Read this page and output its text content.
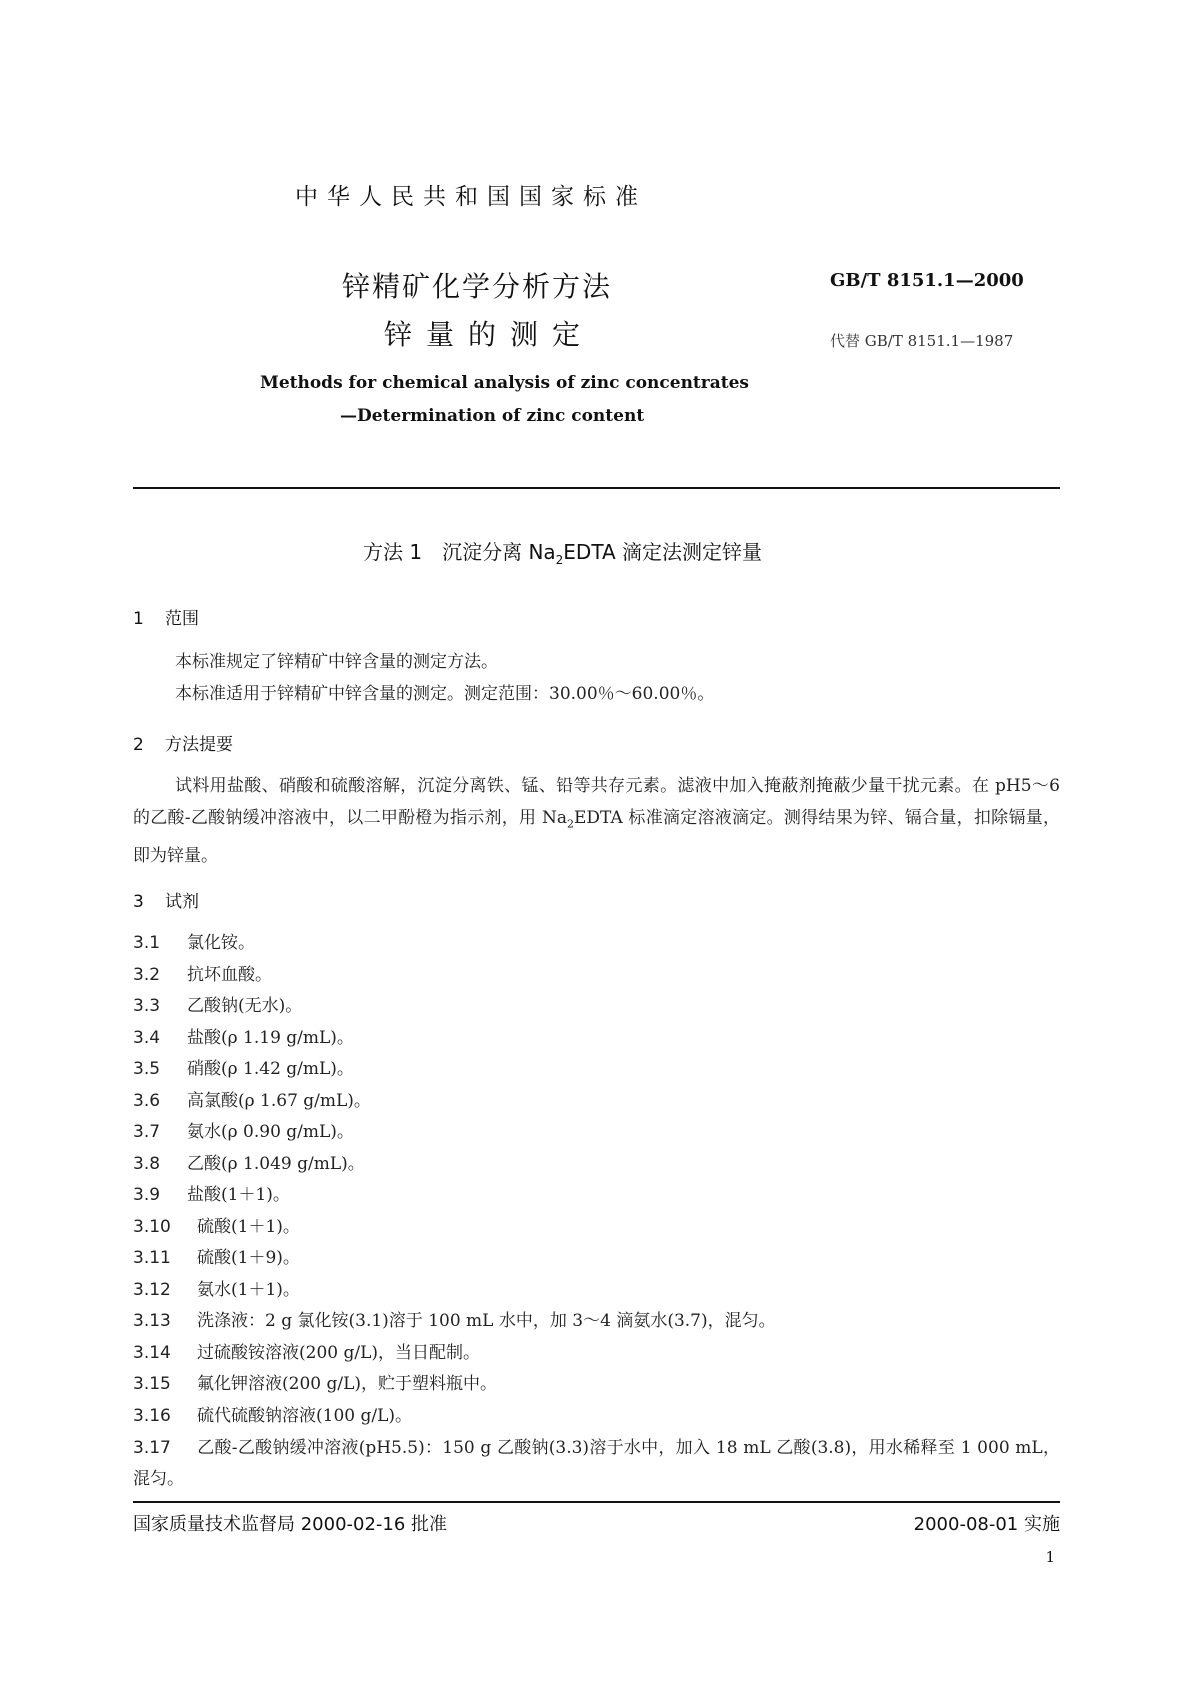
中华人民共和国国家标准
锌精矿化学分析方法
锌量的测定
GB/T 8151.1—2000
代替 GB/T 8151.1—1987
Methods for chemical analysis of zinc concentrates
—Determination of zinc content
方法 1　沉淀分离 $Na_2EDTA$ 滴定法测定锌量
1 范围
本标准规定了锌精矿中锌含量的测定方法。
本标准适用于锌精矿中锌含量的测定。测定范围：30.00％～60.00％。
2 方法提要
试料用盐酸、硝酸和硫酸溶解，沉淀分离铁、锰、铅等共存元素。滤液中加入掩蔽剂掩蔽少量干扰元素。在 pH5～6 的乙酸-乙酸钠缓冲溶液中，以二甲酚橙为指示剂，用 $Na_2EDTA$ 标准滴定溶液滴定。测得结果为锌、镉合量，扣除镉量，即为锌量。
3 试剂
3.1 氯化铵。
3.2 抗坏血酸。
3.3 乙酸钠(无水)。
3.4 盐酸(ρ 1.19 g/mL)。
3.5 硝酸(ρ 1.42 g/mL)。
3.6 高氯酸(ρ 1.67 g/mL)。
3.7 氨水(ρ 0.90 g/mL)。
3.8 乙酸(ρ 1.049 g/mL)。
3.9 盐酸(1＋1)。
3.10 硫酸(1＋1)。
3.11 硫酸(1＋9)。
3.12 氨水(1＋1)。
3.13 洗涤液：2 g 氯化铵(3.1)溶于 100 mL 水中，加 3～4 滴氨水(3.7)，混匀。
3.14 过硫酸铵溶液(200 g/L)，当日配制。
3.15 氟化钾溶液(200 g/L)，贮于塑料瓶中。
3.16 硫代硫酸钠溶液(100 g/L)。
3.17 乙酸-乙酸钠缓冲溶液(pH5.5)：150 g 乙酸钠(3.3)溶于水中，加入 18 mL 乙酸(3.8)，用水稀释至 1 000 mL，混匀。
国家质量技术监督局 2000-02-16 批准	2000-08-01 实施
1
